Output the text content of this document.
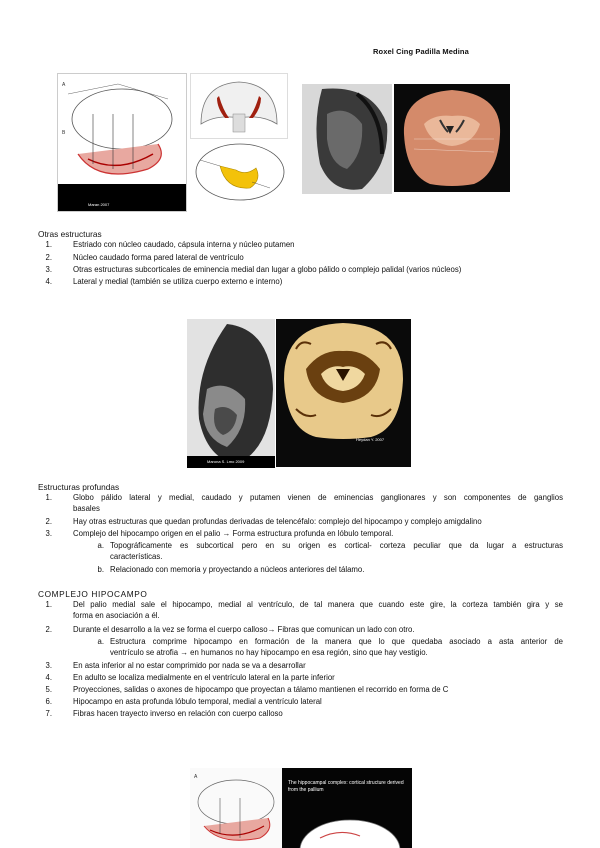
Roxel Cing Padilla Medina
A
B
Maran 2007
Otras estructuras
1.	Estriado con núcleo caudado, cápsula interna y núcleo putamen
2.	Núcleo caudado forma pared lateral de ventrículo
3.	Otras estructuras subcorticales de eminencia medial dan lugar a globo pálido o complejo palidal (varios núcleos)
4.	Lateral y medial (también se utiliza cuerpo externo e interno)
Marona S. Lmo 2009
Heydan Y. 2007
Estructuras profundas
1.	Globo pálido lateral y medial, caudado y putamen vienen de eminencias ganglionares y son componentes de ganglios
basales
2.	Hay otras estructuras que quedan profundas derivadas de telencéfalo: complejo del hipocampo y complejo amigdalino
3.	Complejo del hipocampo origen en el palio → Forma estructura profunda en lóbulo temporal.
a. Topográficamente es subcortical pero en su origen es cortical- corteza peculiar que da lugar a estructuras
características.
b. Relacionado con memoria y proyectando a núcleos anteriores del tálamo.
COMPLEJO HIPOCAMPO
1.	Del palio medial sale el hipocampo, medial al ventrículo, de tal manera que cuando este gire, la corteza también gira y se
forma en asociación a él.
2.	Durante el desarrollo a la vez se forma el cuerpo calloso→ Fibras que comunican un lado con otro.
a. Estructura comprime hipocampo en formación de la manera que lo que quedaba asociado a asta anterior de
ventrículo se atrofia → en humanos no hay hipocampo en esa región, sino que hay vestigio.
3.	En asta inferior al no estar comprimido por nada se va a desarrollar
4.	En adulto se localiza medialmente en el ventrículo lateral en la parte inferior
5.	Proyecciones, salidas o axones de hipocampo que proyectan a tálamo mantienen el recorrido en forma de C
6.	Hipocampo en asta profunda lóbulo temporal, medial a ventrículo lateral
7.	Fibras hacen trayecto inverso en relación con cuerpo calloso
A
The hippocampal complex: cortical structure derived from the pallium
